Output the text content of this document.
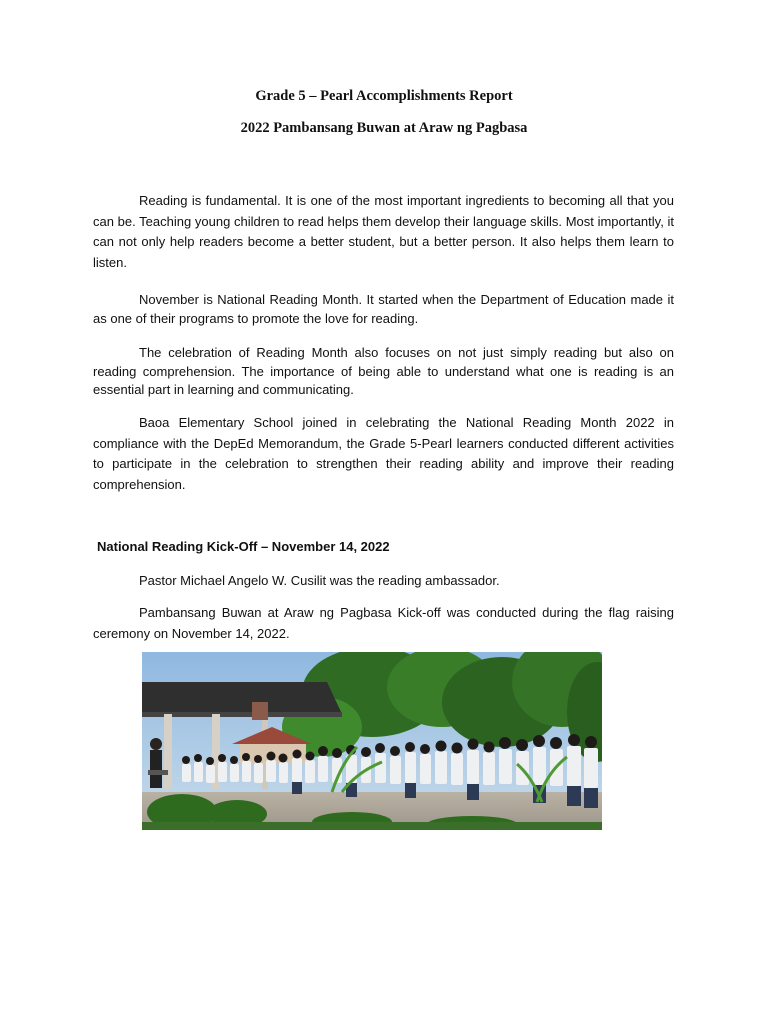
Grade 5 – Pearl Accomplishments Report
2022 Pambansang Buwan at Araw ng Pagbasa

Reading is fundamental. It is one of the most important ingredients to becoming all that you can be. Teaching young children to read helps them develop their language skills. Most importantly, it can not only help readers become a better student, but a better person. It also helps them learn to listen.

November is National Reading Month. It started when the Department of Education made it as one of their programs to promote the love for reading.

The celebration of Reading Month also focuses on not just simply reading but also on reading comprehension. The importance of being able to understand what one is reading is an essential part in learning and communicating.

Baoa Elementary School joined in celebrating the National Reading Month 2022 in compliance with the DepEd Memorandum, the Grade 5-Pearl learners conducted different activities to participate in the celebration to strengthen their reading ability and improve their reading comprehension.

National Reading Kick-Off – November 14, 2022

Pastor Michael Angelo W. Cusilit was the reading ambassador.

Pambansang Buwan at Araw ng Pagbasa Kick-off was conducted during the flag raising ceremony on November 14, 2022.
